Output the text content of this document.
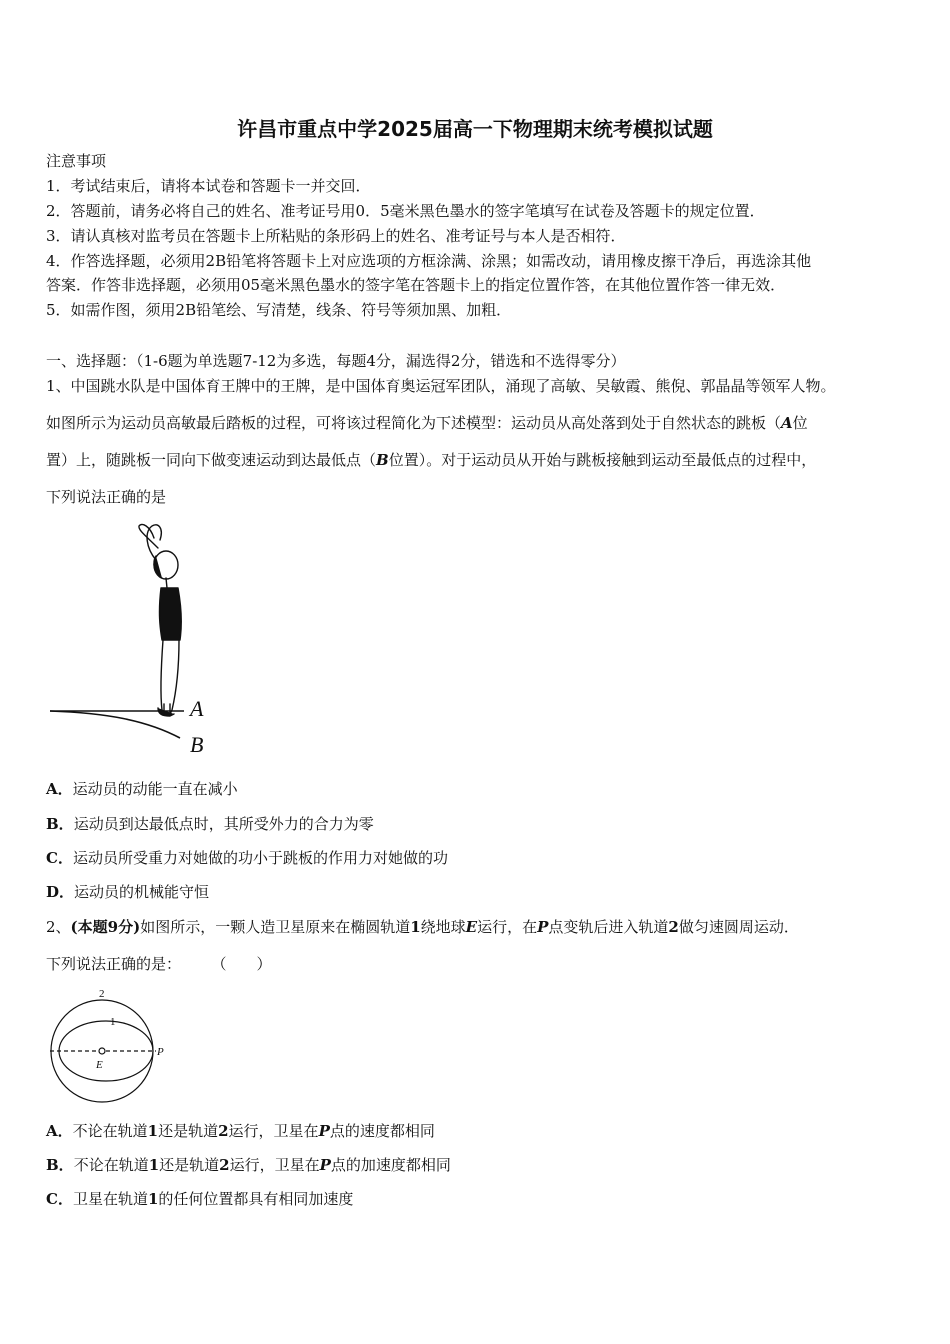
许昌市重点中学2025届高一下物理期末统考模拟试题
注意事项
1．考试结束后，请将本试卷和答题卡一并交回．
2．答题前，请务必将自己的姓名、准考证号用0．5毫米黑色墨水的签字笔填写在试卷及答题卡的规定位置．
3．请认真核对监考员在答题卡上所粘贴的条形码上的姓名、准考证号与本人是否相符．
4．作答选择题，必须用2B铅笔将答题卡上对应选项的方框涂满、涂黑；如需改动，请用橡皮擦干净后，再选涂其他
答案．作答非选择题，必须用05毫米黑色墨水的签字笔在答题卡上的指定位置作答，在其他位置作答一律无效．
5．如需作图，须用2B铅笔绘、写清楚，线条、符号等须加黑、加粗．
一、选择题：（1-6题为单选题7-12为多选，每题4分，漏选得2分，错选和不选得零分）
1、中国跳水队是中国体育王牌中的王牌，是中国体育奥运冠军团队，涌现了高敏、吴敏霞、熊倪、郭晶晶等领军人物。
如图所示为运动员高敏最后踏板的过程，可将该过程简化为下述模型：运动员从高处落到处于自然状态的跳板（A位
置）上，随跳板一同向下做变速运动到达最低点（B位置）。对于运动员从开始与跳板接触到运动至最低点的过程中，
下列说法正确的是
A
B
A．运动员的动能一直在减小
B．运动员到达最低点时，其所受外力的合力为零
C．运动员所受重力对她做的功小于跳板的作用力对她做的功
D．运动员的机械能守恒
2、(本题9分)如图所示，一颗人造卫星原来在椭圆轨道1绕地球E运行，在P点变轨后进入轨道2做匀速圆周运动．
下列说法正确的是：	（　　）
2
1
E
P
A．不论在轨道1还是轨道2运行，卫星在P点的速度都相同
B．不论在轨道1还是轨道2运行，卫星在P点的加速度都相同
C．卫星在轨道1的任何位置都具有相同加速度
